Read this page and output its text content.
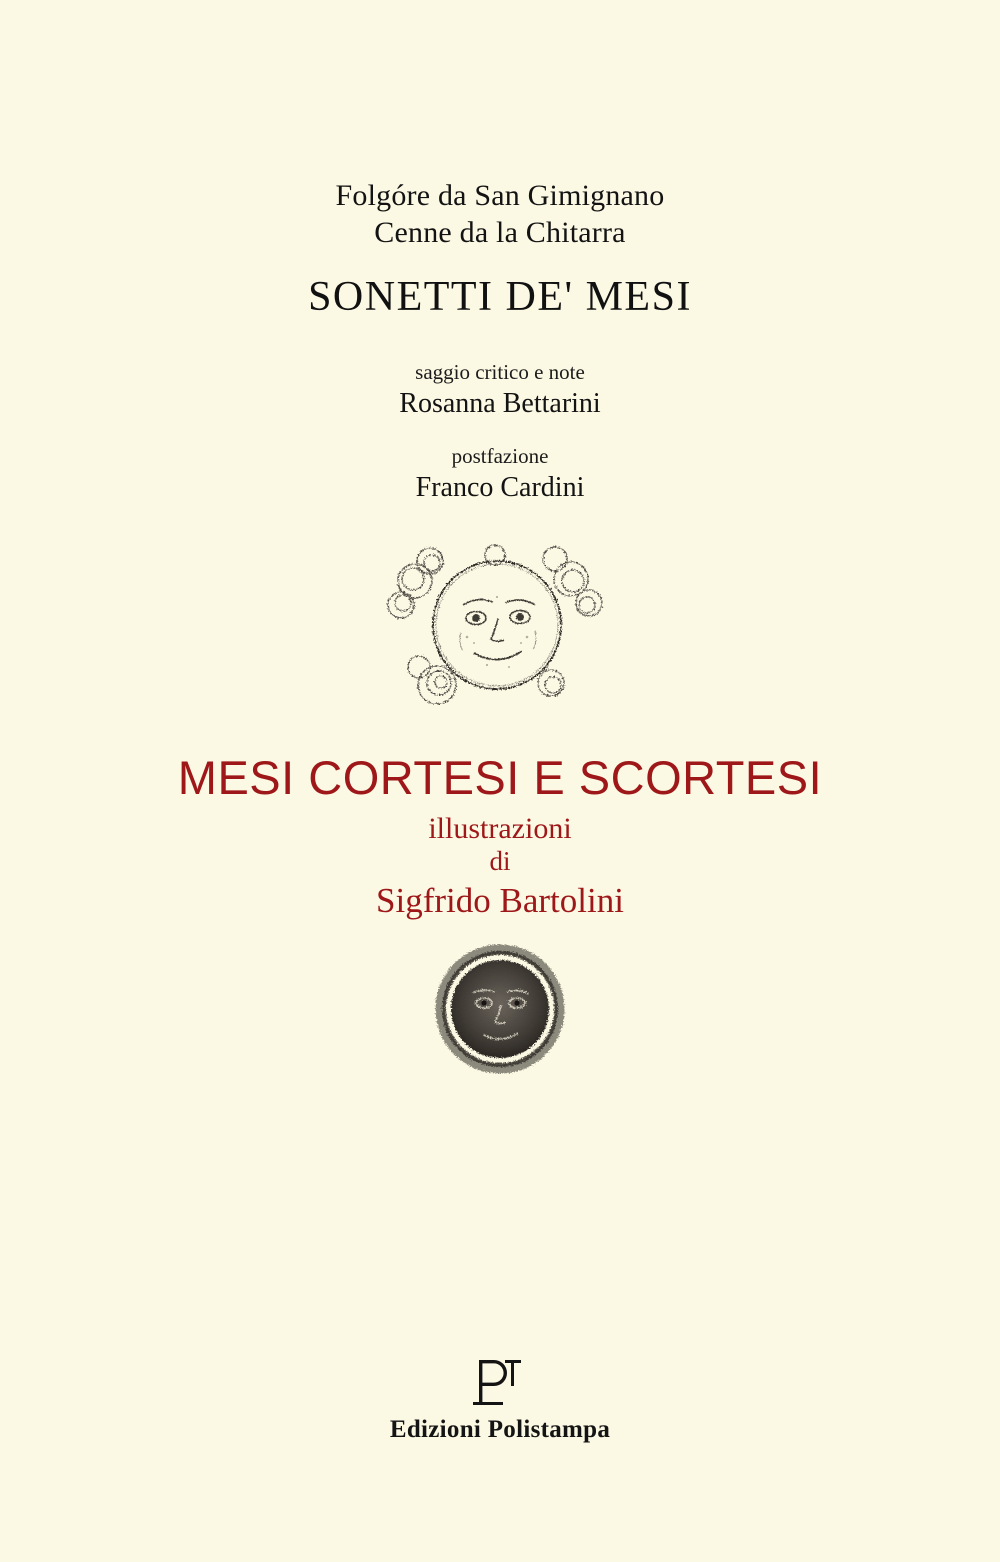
Folgóre da San Gimignano
Cenne da la Chitarra
SONETTI DE' MESI
saggio critico e note
Rosanna Bettarini
postfazione
Franco Cardini
MESI CORTESI E SCORTESI
illustrazioni
di
Sigfrido Bartolini
Edizioni Polistampa
